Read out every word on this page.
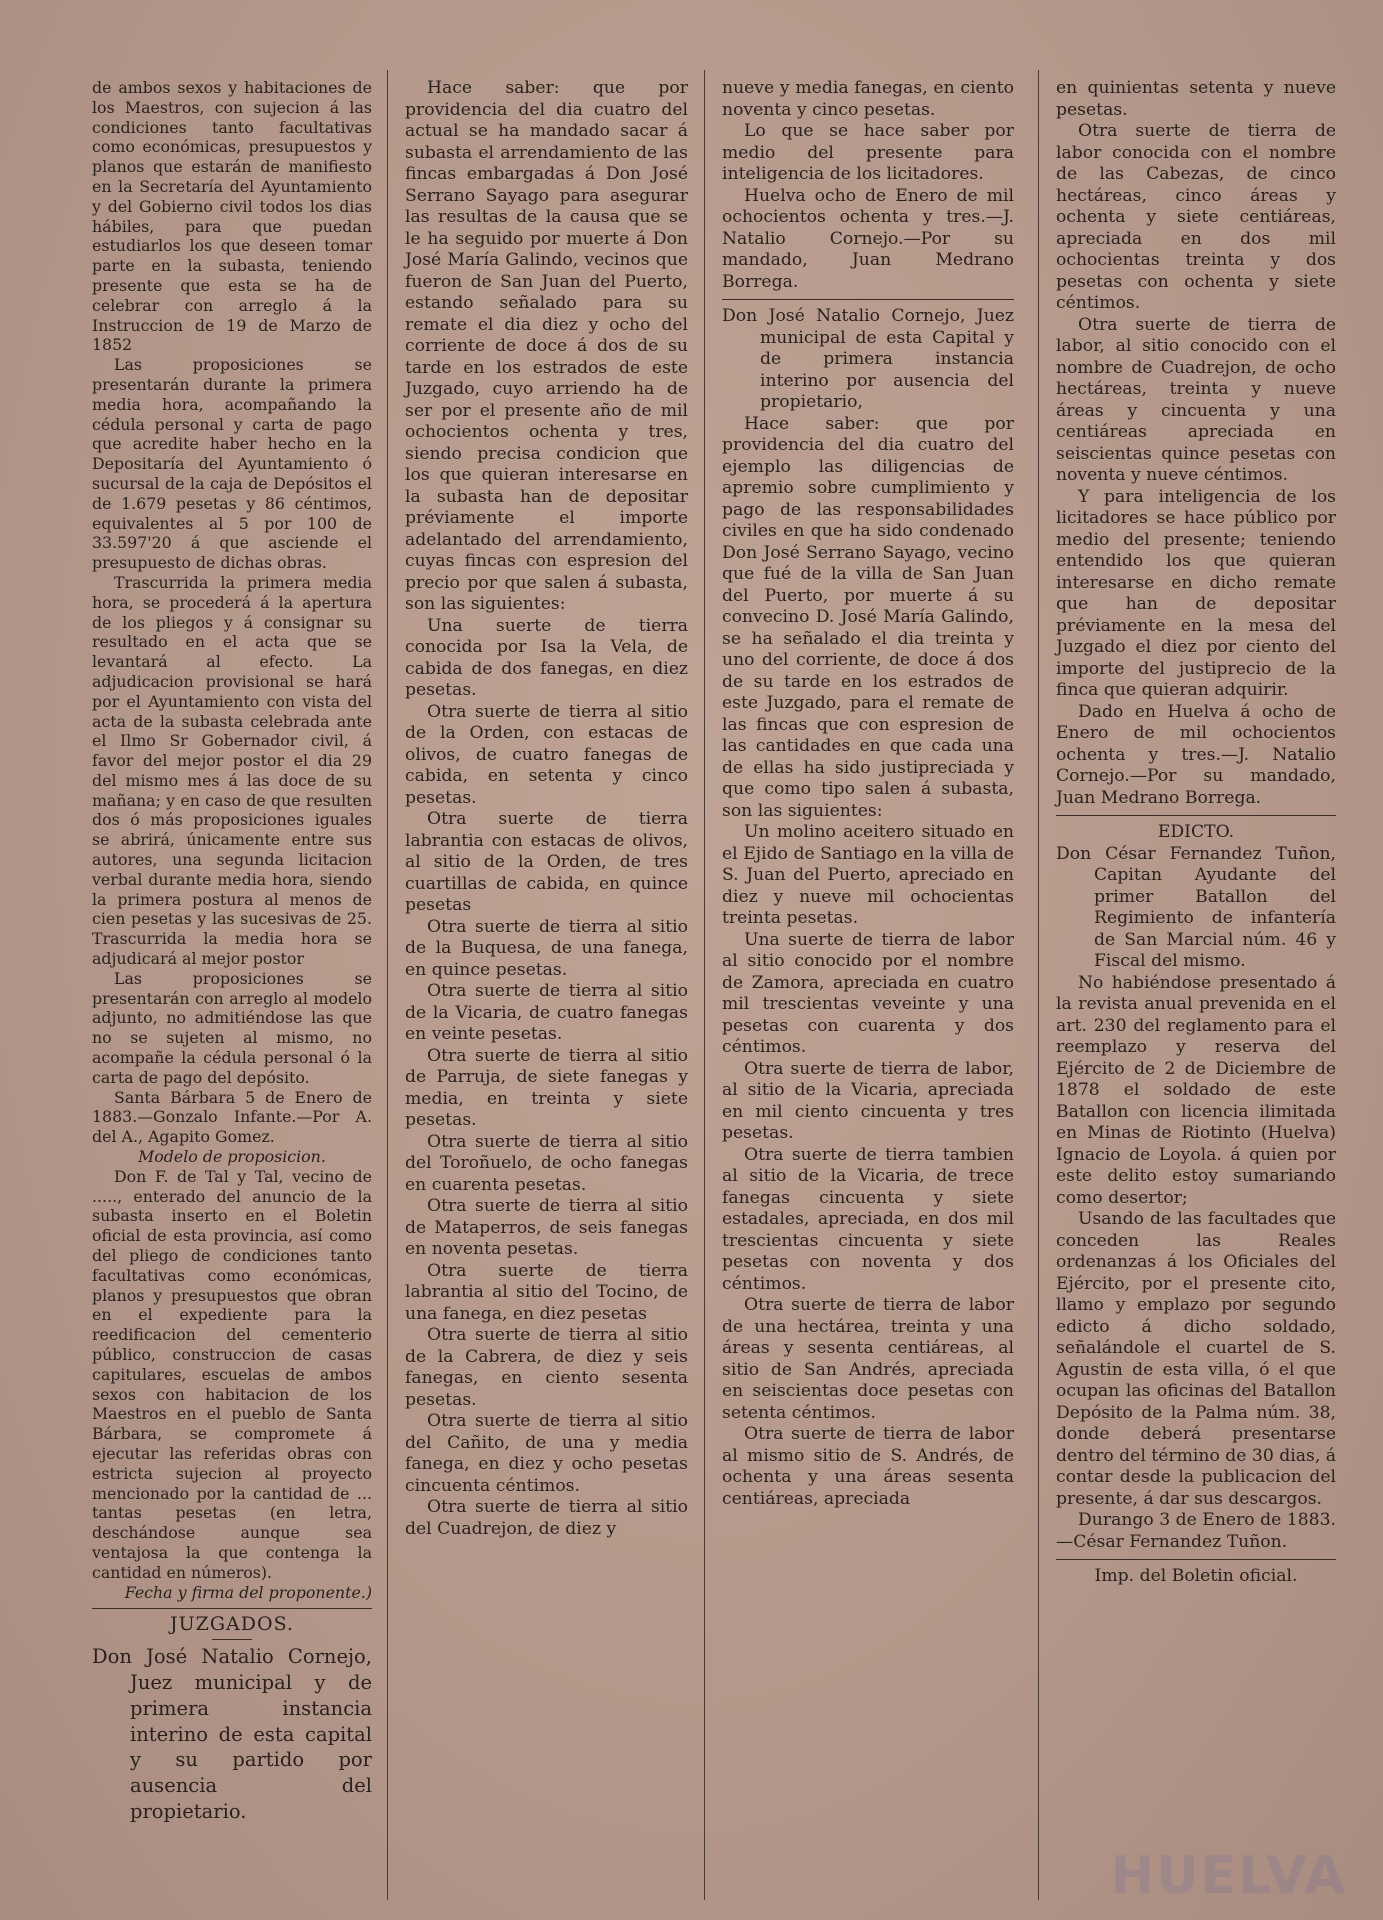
de ambos sexos y habitaciones de los Maestros, con sujecion á las condiciones tanto facultativas como económicas, presupuestos y planos que estarán de manifiesto en la Secretaría del Ayuntamiento y del Gobierno civil todos los dias hábiles, para que puedan estudiarlos los que deseen tomar parte en la subasta, teniendo presente que esta se ha de celebrar con arreglo á la Instruccion de 19 de Marzo de 1852

Las proposiciones se presentarán durante la primera media hora, acompañando la cédula personal y carta de pago que acredite haber hecho en la Depositaría del Ayuntamiento ó sucursal de la caja de Depósitos el de 1.679 pesetas y 86 céntimos, equivalentes al 5 por 100 de 33.597'20 á que asciende el presupuesto de dichas obras.

Trascurrida la primera media hora, se procederá á la apertura de los pliegos y á consignar su resultado en el acta que se levantará al efecto. La adjudicacion provisional se hará por el Ayuntamiento con vista del acta de la subasta celebrada ante el Ilmo Sr Gobernador civil, á favor del mejor postor el dia 29 del mismo mes á las doce de su mañana; y en caso de que resulten dos ó más proposiciones iguales se abrirá, únicamente entre sus autores, una segunda licitacion verbal durante media hora, siendo la primera postura al menos de cien pesetas y las sucesivas de 25. Trascurrida la media hora se adjudicará al mejor postor

Las proposiciones se presentarán con arreglo al modelo adjunto, no admitiéndose las que no se sujeten al mismo, no acompañe la cédula personal ó la carta de pago del depósito.

Santa Bárbara 5 de Enero de 1883.—Gonzalo Infante.—Por A. del A., Agapito Gomez.

Modelo de proposicion.

Don F. de Tal y Tal, vecino de ....., enterado del anuncio de la subasta inserto en el Boletin oficial de esta provincia, así como del pliego de condiciones tanto facultativas como económicas, planos y presupuestos que obran en el expediente para la reedificacion del cementerio público, construccion de casas capitulares, escuelas de ambos sexos con habitacion de los Maestros en el pueblo de Santa Bárbara, se compromete á ejecutar las referidas obras con estricta sujecion al proyecto mencionado por la cantidad de ... tantas pesetas (en letra, deschándose aunque sea ventajosa la que contenga la cantidad en números).

Fecha y firma del proponente.)

JUZGADOS.

Don José Natalio Cornejo, Juez municipal y de primera instancia interino de esta capital y su partido por ausencia del propietario.

Hace saber: que por providencia del dia cuatro del actual se ha mandado sacar á subasta el arrendamiento de las fincas embargadas á Don José Serrano Sayago para asegurar las resultas de la causa que se le ha seguido por muerte á Don José María Galindo, vecinos que fueron de San Juan del Puerto, estando señalado para su remate el dia diez y ocho del corriente de doce á dos de su tarde en los estrados de este Juzgado, cuyo arriendo ha de ser por el presente año de mil ochocientos ochenta y tres, siendo precisa condicion que los que quieran interesarse en la subasta han de depositar préviamente el importe adelantado del arrendamiento, cuyas fincas con espresion del precio por que salen á subasta, son las siguientes:

Una suerte de tierra conocida por Isa la Vela, de cabida de dos fanegas, en diez pesetas.

Otra suerte de tierra al sitio de la Orden, con estacas de olivos, de cuatro fanegas de cabida, en setenta y cinco pesetas.

Otra suerte de tierra labrantia con estacas de olivos, al sitio de la Orden, de tres cuartillas de cabida, en quince pesetas

Otra suerte de tierra al sitio de la Buquesa, de una fanega, en quince pesetas.

Otra suerte de tierra al sitio de la Vicaria, de cuatro fanegas en veinte pesetas.

Otra suerte de tierra al sitio de Parruja, de siete fanegas y media, en treinta y siete pesetas.

Otra suerte de tierra al sitio del Toroñuelo, de ocho fanegas en cuarenta pesetas.

Otra suerte de tierra al sitio de Mataperros, de seis fanegas en noventa pesetas.

Otra suerte de tierra labrantia al sitio del Tocino, de una fanega, en diez pesetas

Otra suerte de tierra al sitio de la Cabrera, de diez y seis fanegas, en ciento sesenta pesetas.

Otra suerte de tierra al sitio del Cañito, de una y media fanega, en diez y ocho pesetas cincuenta céntimos.

Otra suerte de tierra al sitio del Cuadrejon, de diez y

nueve y media fanegas, en ciento noventa y cinco pesetas.

Lo que se hace saber por medio del presente para inteligencia de los licitadores.

Huelva ocho de Enero de mil ochocientos ochenta y tres.—J. Natalio Cornejo.—Por su mandado, Juan Medrano Borrega.

Don José Natalio Cornejo, Juez municipal de esta Capital y de primera instancia interino por ausencia del propietario,

Hace saber: que por providencia del dia cuatro del ejemplo las diligencias de apremio sobre cumplimiento y pago de las responsabilidades civiles en que ha sido condenado Don José Serrano Sayago, vecino que fué de la villa de San Juan del Puerto, por muerte á su convecino D. José María Galindo, se ha señalado el dia treinta y uno del corriente, de doce á dos de su tarde en los estrados de este Juzgado, para el remate de las fincas que con espresion de las cantidades en que cada una de ellas ha sido justipreciada y que como tipo salen á subasta, son las siguientes:

Un molino aceitero situado en el Ejido de Santiago en la villa de S. Juan del Puerto, apreciado en diez y nueve mil ochocientas treinta pesetas.

Una suerte de tierra de labor al sitio conocido por el nombre de Zamora, apreciada en cuatro mil trescientas veveinte y una pesetas con cuarenta y dos céntimos.

Otra suerte de tierra de labor, al sitio de la Vicaria, apreciada en mil ciento cincuenta y tres pesetas.

Otra suerte de tierra tambien al sitio de la Vicaria, de trece fanegas cincuenta y siete estadales, apreciada, en dos mil trescientas cincuenta y siete pesetas con noventa y dos céntimos.

Otra suerte de tierra de labor de una hectárea, treinta y una áreas y sesenta centiáreas, al sitio de San Andrés, apreciada en seiscientas doce pesetas con setenta céntimos.

Otra suerte de tierra de labor al mismo sitio de S. Andrés, de ochenta y una áreas sesenta centiáreas, apreciada

en quinientas setenta y nueve pesetas.

Otra suerte de tierra de labor conocida con el nombre de las Cabezas, de cinco hectáreas, cinco áreas y ochenta y siete centiáreas, apreciada en dos mil ochocientas treinta y dos pesetas con ochenta y siete céntimos.

Otra suerte de tierra de labor, al sitio conocido con el nombre de Cuadrejon, de ocho hectáreas, treinta y nueve áreas y cincuenta y una centiáreas apreciada en seiscientas quince pesetas con noventa y nueve céntimos.

Y para inteligencia de los licitadores se hace público por medio del presente; teniendo entendido los que quieran interesarse en dicho remate que han de depositar préviamente en la mesa del Juzgado el diez por ciento del importe del justiprecio de la finca que quieran adquirir.

Dado en Huelva á ocho de Enero de mil ochocientos ochenta y tres.—J. Natalio Cornejo.—Por su mandado, Juan Medrano Borrega.

EDICTO.

Don César Fernandez Tuñon, Capitan Ayudante del primer Batallon del Regimiento de infantería de San Marcial núm. 46 y Fiscal del mismo.

No habiéndose presentado á la revista anual prevenida en el art. 230 del reglamento para el reemplazo y reserva del Ejército de 2 de Diciembre de 1878 el soldado de este Batallon con licencia ilimitada en Minas de Riotinto (Huelva) Ignacio de Loyola. á quien por este delito estoy sumariando como desertor;

Usando de las facultades que conceden las Reales ordenanzas á los Oficiales del Ejército, por el presente cito, llamo y emplazo por segundo edicto á dicho soldado, señalándole el cuartel de S. Agustin de esta villa, ó el que ocupan las oficinas del Batallon Depósito de la Palma núm. 38, donde deberá presentarse dentro del término de 30 dias, á contar desde la publicacion del presente, á dar sus descargos.

Durango 3 de Enero de 1883.—César Fernandez Tuñon.

Imp. del Boletin oficial.

HUELVA
